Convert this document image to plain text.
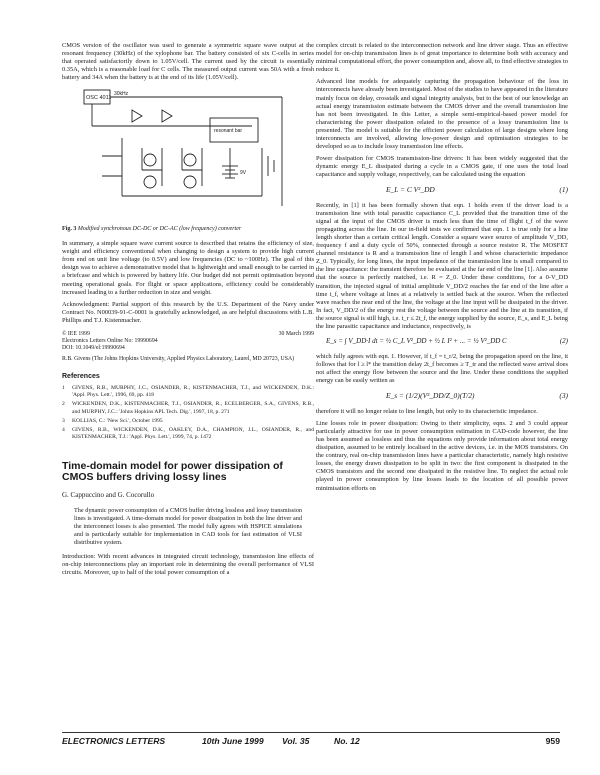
CMOS version of the oscillator was used to generate a symmetric square wave output at the resonant frequency (30kHz) of the xylophone bar. The battery consisted of six C-cells in series that operated satisfactorily down to 1.05V/cell. The current used by the circuit is essentially 0.35A, which is a reasonable load for C cells. The measured output current was 50A with a fresh battery and 34A when the battery is at the end of its life (1.05V/cell).

OSC 4011
30kHz
resonant bar
9V
Fig. 3 Modified synchronous DC-DC or DC-AC (low frequency) converter

In summary, a simple square wave current source is described that retains the efficiency of size, weight and efficiency conventional when changing to design a system to provide high current from end on unit line voltage (to 0.5V) and low frequencies (DC to ~100Hz). The goal of this design was to achieve a demonstrative model that is lightweight and small enough to be carried in a briefcase and which is powered by battery life. Our budget did not permit optimisation beyond meeting operational goals. For flight or space applications, efficiency could be considerably increased leading to a further reduction in size and weight.

Acknowledgment: Partial support of this research by the U.S. Department of the Navy under Contract No. N00039-91-C-0001 is gratefully acknowledged, as are helpful discussions with L.B. Phillips and T.J. Kistenmacher.

© IEE 1999	30 March 1999
Electronics Letters Online No: 19990694
DOI: 10.1049/el:19990694
R.B. Givens (The Johns Hopkins University, Applied Physics Laboratory, Laurel, MD 20723, USA)
References
1	GIVENS, R.B., MURPHY, J.C., OSIANDER, R., KISTENMACHER, T.J., and WICKENDEN, D.K.: 'Appl. Phys. Lett.', 1996, 69, pp. 418
2	WICKENDEN, D.K., KISTENMACHER, T.J., OSIANDER, R., ECELBERGER, S.A., GIVENS, R.B., and MURPHY, J.C.: 'Johns Hopkins APL Tech. Dig.', 1997, 18, p. 271
3	KOLLIAS, C.: 'New Sci.', October 1995
4	GIVENS, R.B., WICKENDEN, D.K., OAKLEY, D.A., CHAMPION, J.L., OSIANDER, R., and KISTENMACHER, T.J.: 'Appl. Phys. Lett.', 1999, 74, p. 1472
Time-domain model for power dissipation of CMOS buffers driving lossy lines
G. Cappuccino and G. Cocorullo

The dynamic power consumption of a CMOS buffer driving lossless and lossy transmission lines is investigated. A time-domain model for power dissipation in both the line driver and the interconnect losses is also presented. The model fully agrees with HSPICE simulations and is particularly suitable for implementation in CAD tools for fast estimation of VLSI distributive system.

Introduction: With recent advances in integrated circuit technology, transmission line effects of on-chip interconnections play an important role in determining the overall performance of VLSI circuits. Moreover, up to half of the total power consumption of a

complex circuit is related to the interconnection network and line driver stage. Thus an effective model for on-chip transmission lines is of great importance to determine both with accuracy and minimal computational effort, the power consumption and, above all, to find effective strategies to reduce it.

Advanced line models for adequately capturing the propagation behaviour of the loss in interconnects have already been investigated. Most of the studies to have appeared in the literature mainly focus on delay, crosstalk and signal integrity analysis, but to the best of our knowledge an actual energy transmission estimate between the CMOS driver and the overall transmission line has not been investigated. In this Letter, a simple semi-empirical-based power model for characterising the power dissipation related to the presence of a lossy transmission line is presented. The model is suitable for the efficient power calculation of large designs where long interconnects are involved, allowing low-power design and optimisation strategies to be developed so as to include lossy transmission line effects.

Power dissipation for CMOS transmission-line drivers: It has been widely suggested that the dynamic energy E_L dissipated during a cycle in a CMOS gate, if one uses the total load capacitance and supply voltage, respectively, can be calculated using the equation

E_L = C V²_DD	(1)

Recently, in [1] it has been formally shown that eqn. 1 holds even if the driver load is a transmission line with total parasitic capacitance C_L provided that the transition time of the signal at the input of the CMOS driver is much less than the time of flight t_f of the wave propagating across the line. In our in-field tests we confirmed that eqn. 1 is true only for a line length shorter than a certain critical length. Consider a square wave source of amplitude V_DD, frequency f and a duty cycle of 50%, connected through a source resistor R. The MOSFET channel resistance is R and a transmission line of length l and whose characteristic impedance Z_0. Typically, for long lines, the input impedance of the transmission line is small compared to the line capacitance: the transient therefore be evaluated at the far end of the line [1]. Also assume that the source is perfectly matched, i.e. R = Z_0. Under these conditions, for a 0-V_DD transition, the injected signal of initial amplitude V_DD/2 reaches the far end of the line after a time t_f, where voltage at lines at a relatively is settled back at the source. When the reflected wave reaches the near end of the line, the voltage at the line input will be dissipated in the driver. In fact, V_DD/2 of the energy rest the voltage between the source and the line at its transition, if the source signal is still high, i.e. t_r ≤ 2t_f, the energy supplied by the source, E_s, and E_L being the line parasitic capacitance and inductance, respectively, is

E_s = ∫ V_DD·I dt = ½ C_L V²_DD + ½ L I² + ... = ½ V²_DD C	(2)

which fully agrees with eqn. 1. However, if t_f = t_r/2, being the propagation speed on the line, it follows that for l ≥ l* the transition delay 2t_f becomes ≥ T_tr and the reflected wave arrival does not affect the energy flow between the source and the line. Under these conditions the supplied energy can be easily written as

E_s = (1/2)(V²_DD/Z_0)(T/2)	(3)

therefore it will no longer relate to line length, but only to its characteristic impedance.

Line losses role in power dissipation: Owing to their simplicity, eqns. 2 and 3 could appear particularly attractive for use in power consumption estimation in CAD-code however, the line has been assumed as lossless and thus the equations only provide information about total energy dissipation, assumed to be entirely localised in the active devices, i.e. in the MOS transistors. On the contrary, real on-chip transmission lines have a particular characteristic, namely high resistive losses, the energy drawn dissipation to be split in two: the first component is dissipated in the CMOS transistors and the second one dissipated in the resistive line. To neglect the actual role played in power consumption by line losses leads to the location of all possible power minimisation efforts on

ELECTRONICS LETTERS	10th June 1999	Vol. 35	No. 12	959
